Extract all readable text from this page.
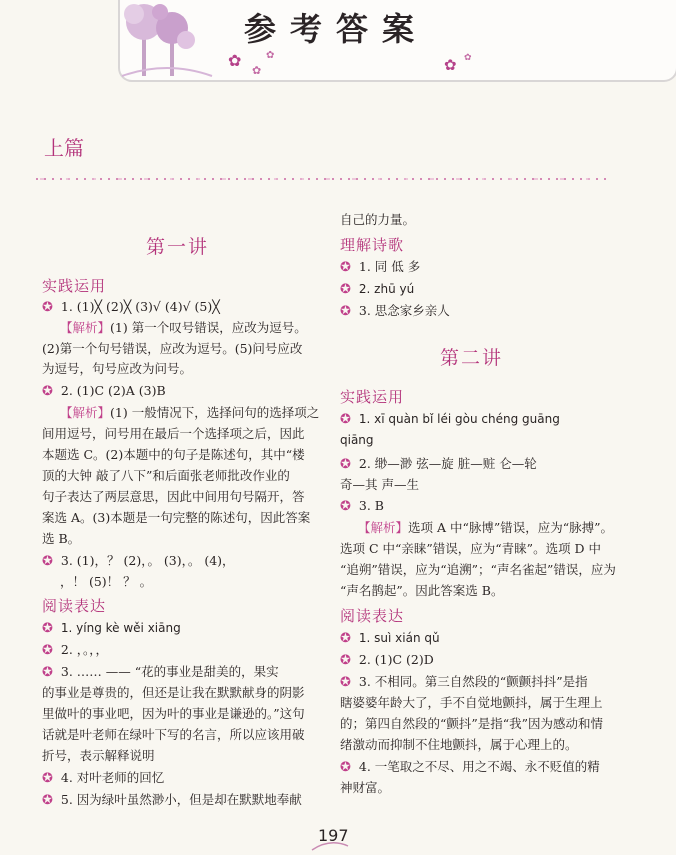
✿
✿
✿
✿ ✿
参考答案
上篇
第一讲
实践运用
✪ 1. (1)╳ (2)╳ (3)√ (4)√ (5)╳
【解析】(1) 第一个叹号错误，应改为逗号。
(2)第一个句号错误，应改为逗号。(5)问号应改
为逗号，句号应改为问号。
✪ 2. (1)C (2)A (3)B
【解析】(1) 一般情况下，选择问句的选择项之
间用逗号，问号用在最后一个选择项之后，因此
本题选 C。(2)本题中的句子是陈述句，其中“楼
顶的大钟 敲了八下”和后面张老师批改作业的
句子表达了两层意思，因此中间用句号隔开，答
案选 A。(3)本题是一句完整的陈述句，因此答案
选 B。
✪ 3. (1)，？ (2)，。 (3)，。 (4)，
，！ (5)！ ？ 。
阅读表达
✪ 1. yíng kè wěi xiāng
✪ 2. ，。，，
✪ 3. …… —— “花的事业是甜美的，果实
的事业是尊贵的，但还是让我在默默献身的阴影
里做叶的事业吧，因为叶的事业是谦逊的。”这句
话就是叶老师在绿叶下写的名言，所以应该用破
折号，表示解释说明
✪ 4. 对叶老师的回忆
✪ 5. 因为绿叶虽然渺小，但是却在默默地奉献
自己的力量。
理解诗歌
✪ 1. 同 低 多
✪ 2. zhū yú
✪ 3. 思念家乡亲人
第二讲
实践运用
✪ 1. xī quàn bǐ léi gòu chéng guāng
qiāng
✪ 2. 缈—渺 弦—旋 脏—赃 仑—轮
奇—其 声—生
✪ 3. B
【解析】选项 A 中“脉博”错误，应为“脉搏”。
选项 C 中“亲睐”错误，应为“青睐”。选项 D 中
“追朔”错误，应为“追溯”；“声名雀起”错误，应为
“声名鹊起”。因此答案选 B。
阅读表达
✪ 1. suì xián qǔ
✪ 2. (1)C (2)D
✪ 3. 不相同。第三自然段的“颤颤抖抖”是指
瞎婆婆年龄大了，手不自觉地颤抖，属于生理上
的；第四自然段的“颤抖”是指“我”因为感动和情
绪激动而抑制不住地颤抖，属于心理上的。
✪ 4. 一笔取之不尽、用之不竭、永不贬值的精
神财富。
197
